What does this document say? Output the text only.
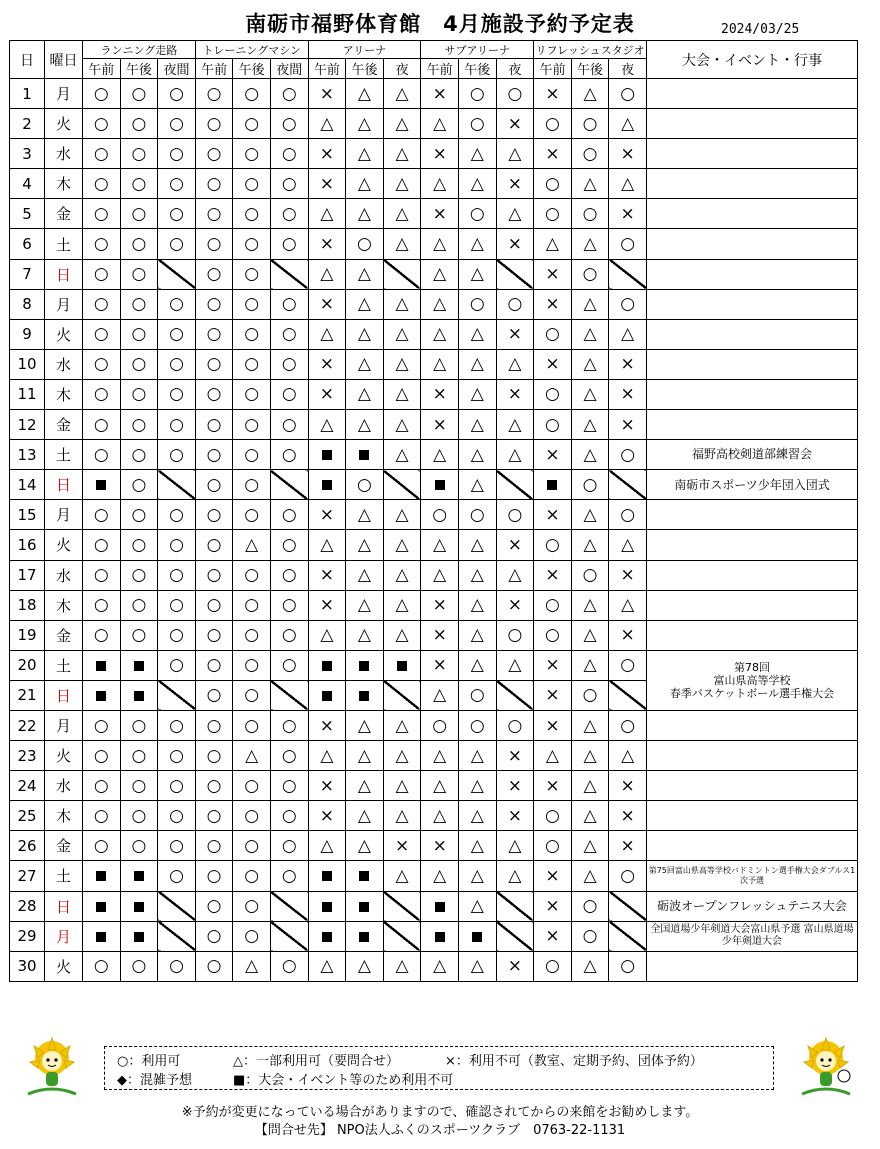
南砺市福野体育館　4月施設予約予定表	2024/03/25
日	曜日	ランニング走路			トレーニングマシン			アリーナ			サブアリーナ			リフレッシュスタジオ			大会・イベント・行事
		午前	午後	夜間	午前	午後	夜間	午前	午後	夜	午前	午後	夜	午前	午後	夜	
1	月	○	○	○	○	○	○	×	△	△	×	○	○	×	△	○	
2	火	○	○	○	○	○	○	△	△	△	△	○	×	○	○	△	
3	水	○	○	○	○	○	○	×	△	△	×	△	△	×	○	×	
4	木	○	○	○	○	○	○	×	△	△	△	△	×	○	△	△	
5	金	○	○	○	○	○	○	△	△	△	×	○	△	○	○	×	
6	土	○	○	○	○	○	○	×	○	△	△	△	×	△	△	○	
7	日	○	○		○	○		△	△		△	△		×	○		
8	月	○	○	○	○	○	○	×	△	△	△	○	○	×	△	○	
9	火	○	○	○	○	○	○	△	△	△	△	△	×	○	△	△	
10	水	○	○	○	○	○	○	×	△	△	△	△	△	×	△	×	
11	木	○	○	○	○	○	○	×	△	△	×	△	×	○	△	×	
12	金	○	○	○	○	○	○	△	△	△	×	△	△	○	△	×	
13	土	○	○	○	○	○	○			△	△	△	△	×	△	○	福野高校剣道部練習会
14	日		○		○	○			○			△			○		南砺市スポーツ少年団入団式
15	月	○	○	○	○	○	○	×	△	△	○	○	○	×	△	○	
16	火	○	○	○	○	△	○	△	△	△	△	△	×	○	△	△	
17	水	○	○	○	○	○	○	×	△	△	△	△	△	×	○	×	
18	木	○	○	○	○	○	○	×	△	△	×	△	×	○	△	△	
19	金	○	○	○	○	○	○	△	△	△	×	△	○	○	△	×	
20	土			○	○	○	○				×	△	△	×	△	○	第78回
富山県高等学校
春季バスケットボール選手権大会

21	日				○	○					△	○		×	○		
22	月	○	○	○	○	○	○	×	△	△	○	○	○	×	△	○	
23	火	○	○	○	○	△	○	△	△	△	△	△	×	△	△	△	
24	水	○	○	○	○	○	○	×	△	△	△	△	×	×	△	×	
25	木	○	○	○	○	○	○	×	△	△	△	△	×	○	△	×	
26	金	○	○	○	○	○	○	△	△	×	×	△	△	○	△	×	
27	土			○	○	○	○			△	△	△	△	×	△	○	第75回富山県高等学校バドミントン選手権大会ダブルス1次予選
28	日				○	○						△		×	○		砺波オープンフレッシュテニス大会
29	月				○	○								×	○		全国道場少年剣道大会富山県予選 富山県道場少年剣道大会
30	火	○	○	○	○	△	○	△	△	△	△	△	×	○	△	○	
○：利用可	△：一部利用可（要問合せ）	×：利用不可（教室、定期予約、団体予約）
◆：混雑予想	■：大会・イベント等のため利用不可
※予約が変更になっている場合がありますので、確認されてからの来館をお勧めします。
【問合せ先】 NPO法人ふくのスポーツクラブ　0763-22-1131
